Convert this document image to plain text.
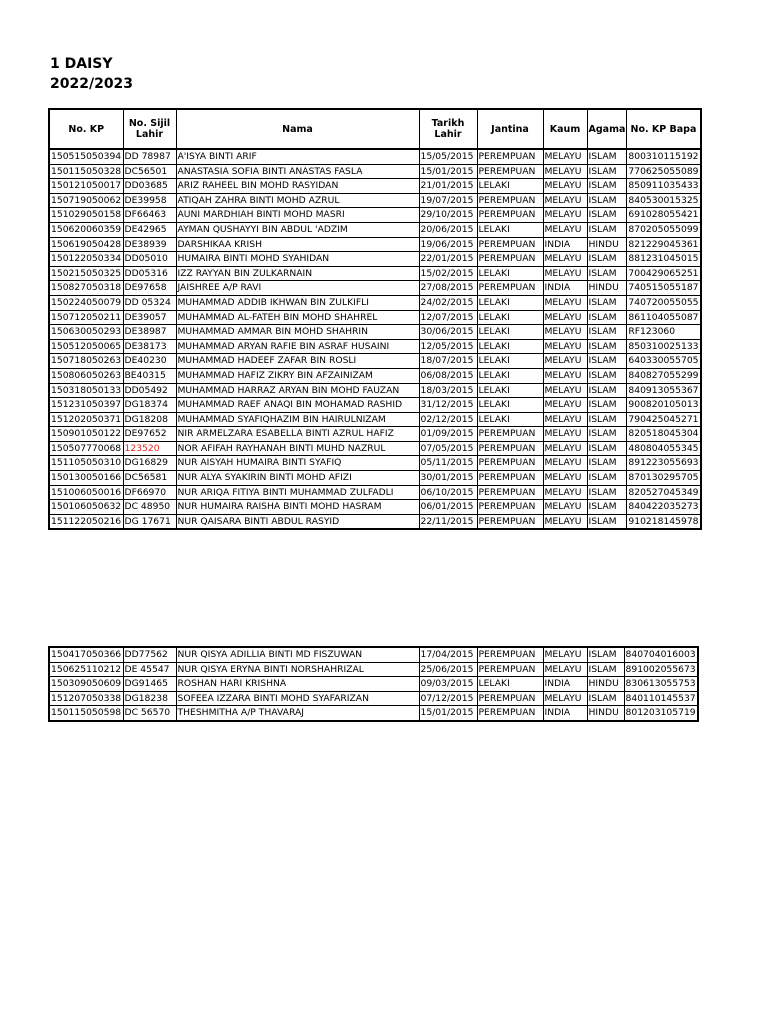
1 DAISY
2022/2023
No. KP	No. Sijil Lahir	Nama	Tarikh Lahir	Jantina	Kaum	Agama	No. KP Bapa
150515050394	DD 78987	A'ISYA BINTI ARIF	15/05/2015	PEREMPUAN	MELAYU	ISLAM	800310115192
150115050328	DC56501	ANASTASIA SOFIA BINTI ANASTAS FASLA	15/01/2015	PEREMPUAN	MELAYU	ISLAM	770625055089
150121050017	DD03685	ARIZ RAHEEL BIN MOHD RASYIDAN	21/01/2015	LELAKI	MELAYU	ISLAM	850911035433
150719050062	DE39958	ATIQAH ZAHRA BINTI MOHD AZRUL	19/07/2015	PEREMPUAN	MELAYU	ISLAM	840530015325
151029050158	DF66463	AUNI MARDHIAH BINTI MOHD MASRI	29/10/2015	PEREMPUAN	MELAYU	ISLAM	691028055421
150620060359	DE42965	AYMAN QUSHAYYI BIN ABDUL 'ADZIM	20/06/2015	LELAKI	MELAYU	ISLAM	870205055099
150619050428	DE38939	DARSHIKAA KRISH	19/06/2015	PEREMPUAN	INDIA	HINDU	821229045361
150122050334	DD05010	HUMAIRA BINTI MOHD SYAHIDAN	22/01/2015	PEREMPUAN	MELAYU	ISLAM	881231045015
150215050325	DD05316	IZZ RAYYAN BIN ZULKARNAIN	15/02/2015	LELAKI	MELAYU	ISLAM	700429065251
150827050318	DE97658	JAISHREE A/P RAVI	27/08/2015	PEREMPUAN	INDIA	HINDU	740515055187
150224050079	DD 05324	MUHAMMAD ADDIB IKHWAN BIN ZULKIFLI	24/02/2015	LELAKI	MELAYU	ISLAM	740720055055
150712050211	DE39057	MUHAMMAD AL-FATEH BIN MOHD SHAHREL	12/07/2015	LELAKI	MELAYU	ISLAM	861104055087
150630050293	DE38987	MUHAMMAD AMMAR BIN MOHD SHAHRIN	30/06/2015	LELAKI	MELAYU	ISLAM	RF123060
150512050065	DE38173	MUHAMMAD ARYAN RAFIE BIN ASRAF HUSAINI	12/05/2015	LELAKI	MELAYU	ISLAM	850310025133
150718050263	DE40230	MUHAMMAD HADEEF ZAFAR BIN ROSLI	18/07/2015	LELAKI	MELAYU	ISLAM	640330055705
150806050263	BE40315	MUHAMMAD HAFIZ ZIKRY BIN AFZAINIZAM	06/08/2015	LELAKI	MELAYU	ISLAM	840827055299
150318050133	DD05492	MUHAMMAD HARRAZ ARYAN BIN MOHD FAUZAN	18/03/2015	LELAKI	MELAYU	ISLAM	840913055367
151231050397	DG18374	MUHAMMAD RAEF ANAQI BIN MOHAMAD RASHID	31/12/2015	LELAKI	MELAYU	ISLAM	900820105013
151202050371	DG18208	MUHAMMAD SYAFIQHAZIM BIN HAIRULNIZAM	02/12/2015	LELAKI	MELAYU	ISLAM	790425045271
150901050122	DE97652	NIR ARMELZARA ESABELLA BINTI AZRUL HAFIZ	01/09/2015	PEREMPUAN	MELAYU	ISLAM	820518045304
150507770068	123520	NOR AFIFAH RAYHANAH BINTI MUHD NAZRUL	07/05/2015	PEREMPUAN	MELAYU	ISLAM	480804055345
151105050310	DG16829	NUR AISYAH HUMAIRA BINTI SYAFIQ	05/11/2015	PEREMPUAN	MELAYU	ISLAM	891223055693
150130050166	DC56581	NUR ALYA SYAKIRIN BINTI MOHD AFIZI	30/01/2015	PEREMPUAN	MELAYU	ISLAM	870130295705
151006050016	DF66970	NUR ARIQA FITIYA BINTI MUHAMMAD ZULFADLI	06/10/2015	PEREMPUAN	MELAYU	ISLAM	820527045349
150106050632	DC 48950	NUR HUMAIRA RAISHA BINTI MOHD HASRAM	06/01/2015	PEREMPUAN	MELAYU	ISLAM	840422035273
151122050216	DG 17671	NUR QAISARA BINTI ABDUL RASYID	22/11/2015	PEREMPUAN	MELAYU	ISLAM	910218145978
150417050366	DD77562	NUR QISYA ADILLIA BINTI MD FISZUWAN	17/04/2015	PEREMPUAN	MELAYU	ISLAM	840704016003
150625110212	DE 45547	NUR QISYA ERYNA BINTI NORSHAHRIZAL	25/06/2015	PEREMPUAN	MELAYU	ISLAM	891002055673
150309050609	DG91465	ROSHAN HARI KRISHNA	09/03/2015	LELAKI	INDIA	HINDU	830613055753
151207050338	DG18238	SOFEEA IZZARA BINTI MOHD SYAFARIZAN	07/12/2015	PEREMPUAN	MELAYU	ISLAM	840110145537
150115050598	DC 56570	THESHMITHA A/P THAVARAJ	15/01/2015	PEREMPUAN	INDIA	HINDU	801203105719
